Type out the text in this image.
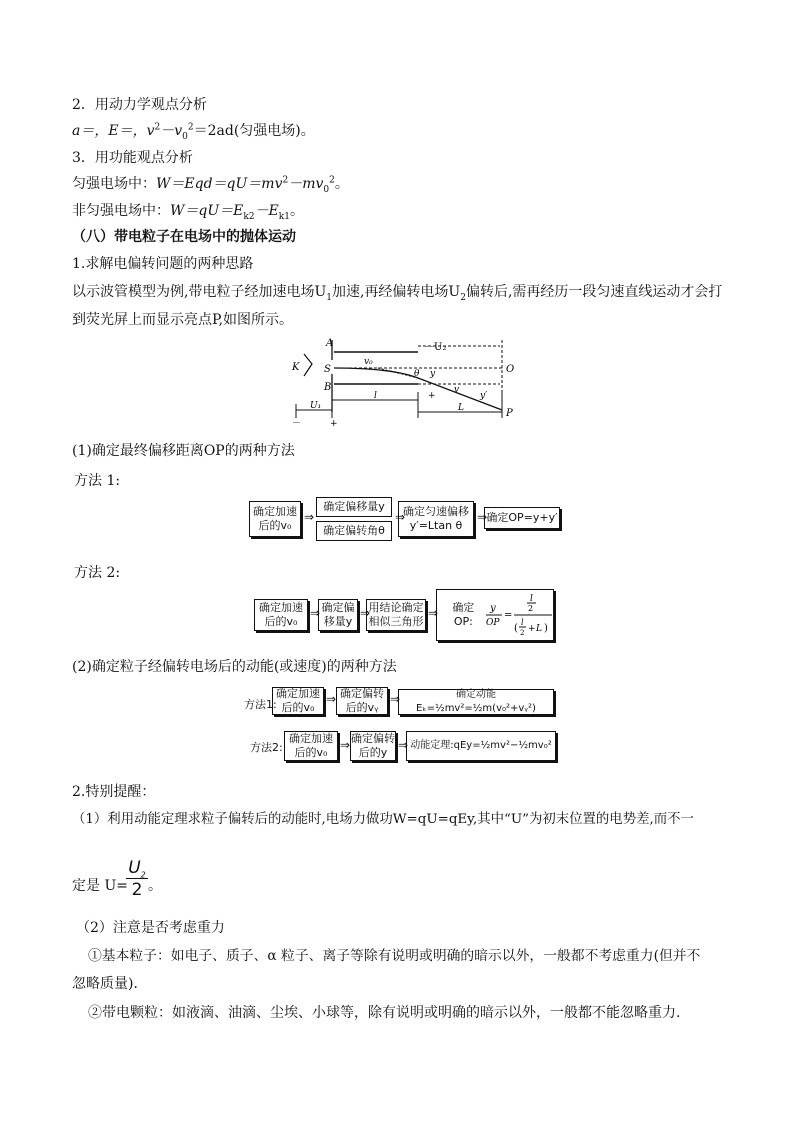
2．用动力学观点分析
a＝，E＝，$v^2-v_0^2=2ad$(匀强电场)。
3．用功能观点分析
匀强电场中：$W=Eqd=qU=mv^2-mv_0^2$。
非匀强电场中：$W=qU=E_{k2}-E_{k1}$。
（八）带电粒子在电场中的抛体运动
1.求解电偏转问题的两种思路
以示波管模型为例,带电粒子经加速电场$U_1$加速,再经偏转电场$U_2$偏转后,需再经历一段匀速直线运动才会打
到荧光屏上而显示亮点P,如图所示。
A
K S
B
O
P
－U₂
v₀
θ y
v
y′
U₁
l
L
－	+
+
(1)确定最终偏移距离OP的两种方法
方法 1:
确定加速后的v₀
⇒
确定偏移量y
确定偏转角θ
⇒
确定匀速偏移 y′=Ltan θ
⇒ 确定OP=y+y′
方法 2:
确定加速后的v₀
⇒ 确定偏移量y
⇒
用结论确定相似三角形
⇒	确定OP:
y
OP
=
l
2
(
l
2 + L )
(2)确定粒子经偏转电场后的动能(或速度)的两种方法
方法1:
确定加速后的v₀
⇒ 确定偏转后的vᵧ
⇒	确定动能Eₖ=½mv²=½m(v₀²+vᵧ²)
方法2:
确定加速后的v₀
⇒ 确定偏转后的y
⇒ 动能定理:qEy=½mv²−½mv₀²
2.特别提醒：
（1）利用动能定理求粒子偏转后的动能时,电场力做功W=qU=qEy,其中“U”为初末位置的电势差,而不一
定是 U=
$U_2$
2 。
（2）注意是否考虑重力
①基本粒子：如电子、质子、α 粒子、离子等除有说明或明确的暗示以外，一般都不考虑重力(但并不
忽略质量)．
②带电颗粒：如液滴、油滴、尘埃、小球等，除有说明或明确的暗示以外，一般都不能忽略重力.
